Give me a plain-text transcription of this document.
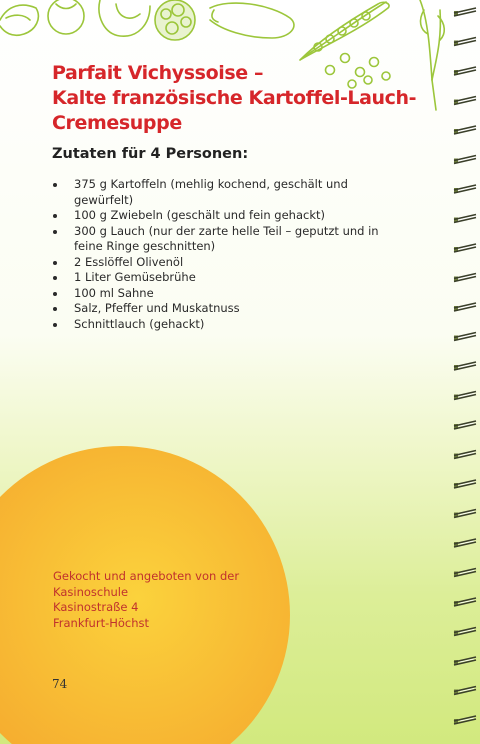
Parfait Vichyssoise –
Kalte französische Kartoffel-Lauch-
Cremesuppe
Zutaten für 4 Personen:
375 g Kartoffeln (mehlig kochend, geschält und
gewürfelt)
100 g Zwiebeln (geschält und fein gehackt)
300 g Lauch (nur der zarte helle Teil – geputzt und in
feine Ringe geschnitten)
2 Esslöffel Olivenöl
1 Liter Gemüsebrühe
100 ml Sahne
Salz, Pfeffer und Muskatnuss
Schnittlauch (gehackt)
Gekocht und angeboten von der
Kasinoschule
Kasinostraße 4
Frankfurt-Höchst
74
